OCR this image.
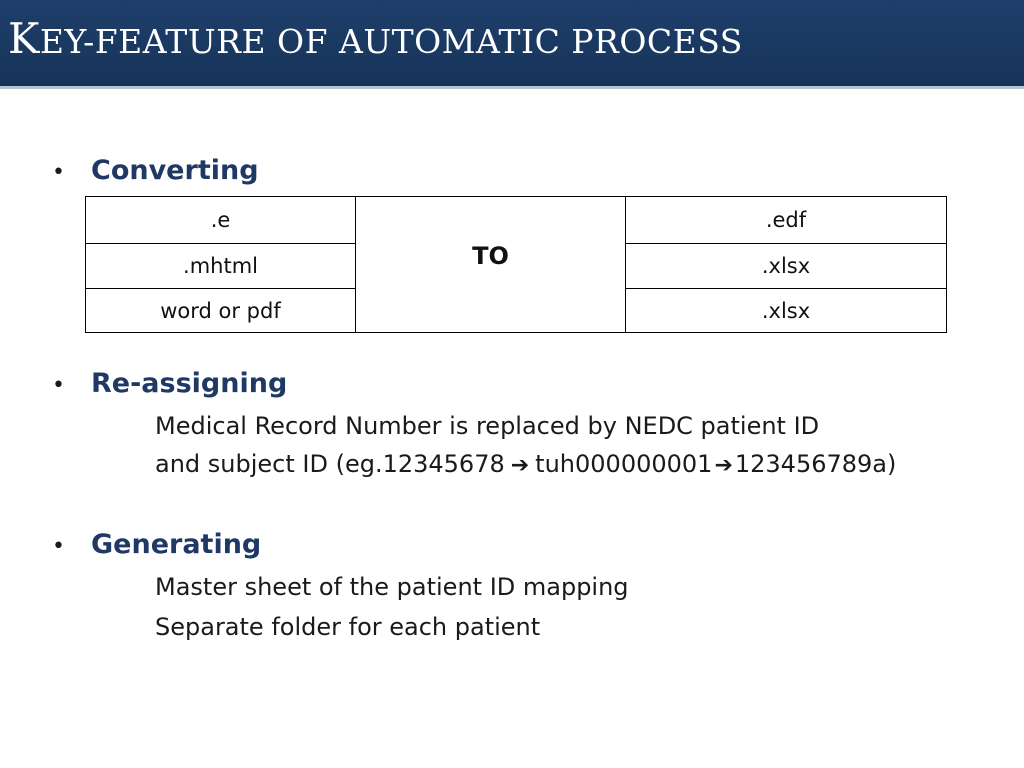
KEY-FEATURE OF AUTOMATIC PROCESS
• Converting
.e	TO	.edf
.mhtml		.xlsx
word or pdf		.xlsx
• Re-assigning
Medical Record Number is replaced by NEDC patient ID
and subject ID (eg.12345678 ➔ tuh000000001➔123456789a)
• Generating
Master sheet of the patient ID mapping
Separate folder for each patient
